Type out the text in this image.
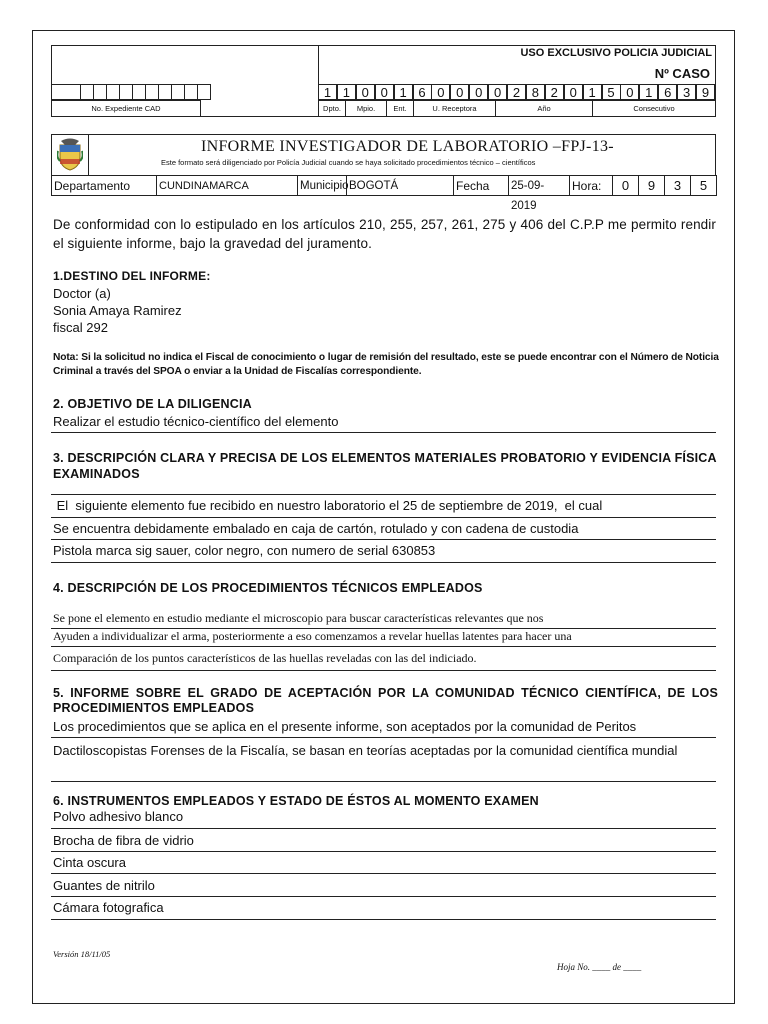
USO EXCLUSIVO POLICIA JUDICIAL
Nº CASO
No. Expediente CAD
1 1 0 0 1 6 0 0 0 0 2 8 2 0 1 5 0 1 6 3 9
Dpto.	Mpio.	Ent.	U. Receptora	Año	Consecutivo
INFORME INVESTIGADOR DE LABORATORIO –FPJ-13-
Este formato será diligenciado por Policía Judicial cuando se haya solicitado procedimientos técnico – científicos
Departamento	CUNDINAMARCA	Municipio BOGOTÁ	Fecha	25-09-2019
Hora:	0	9	3	5
De conformidad con lo estipulado en los artículos 210, 255, 257, 261, 275 y 406 del C.P.P me permito rendir el siguiente informe, bajo la gravedad del juramento.
1.DESTINO DEL INFORME:
Doctor (a)
Sonia Amaya Ramirez
fiscal 292
Nota: Si la solicitud no indica el Fiscal de conocimiento o lugar de remisión del resultado, este se puede encontrar con el Número de Noticia Criminal a través del SPOA o enviar a la Unidad de Fiscalías correspondiente.
2. OBJETIVO DE LA DILIGENCIA
Realizar el estudio técnico-científico del elemento
3. DESCRIPCIÓN CLARA Y PRECISA DE LOS ELEMENTOS MATERIALES PROBATORIO Y EVIDENCIA FÍSICA EXAMINADOS
El  siguiente elemento fue recibido en nuestro laboratorio el 25 de septiembre de 2019,  el cual
Se encuentra debidamente embalado en caja de cartón, rotulado y con cadena de custodia
Pistola marca sig sauer, color negro, con numero de serial 630853
4. DESCRIPCIÓN DE LOS PROCEDIMIENTOS TÉCNICOS EMPLEADOS
Se pone el elemento en estudio mediante el microscopio para buscar características relevantes que nos
Ayuden a individualizar el arma, posteriormente a eso comenzamos a revelar huellas latentes para hacer una
Comparación de los puntos característicos de las huellas reveladas con las del indiciado.
5. INFORME SOBRE EL GRADO DE ACEPTACIÓN POR LA COMUNIDAD TÉCNICO CIENTÍFICA, DE LOS PROCEDIMIENTOS EMPLEADOS
Los procedimientos que se aplica en el presente informe, son aceptados por la comunidad de Peritos
Dactiloscopistas Forenses de la Fiscalía, se basan en teorías aceptadas por la comunidad científica mundial
6. INSTRUMENTOS EMPLEADOS Y ESTADO DE ÉSTOS AL MOMENTO EXAMEN
Polvo adhesivo blanco
Brocha de fibra de vidrio
Cinta oscura
Guantes de nitrilo
Cámara fotografica
Versión 18/11/05
Hoja No. ____ de ____
